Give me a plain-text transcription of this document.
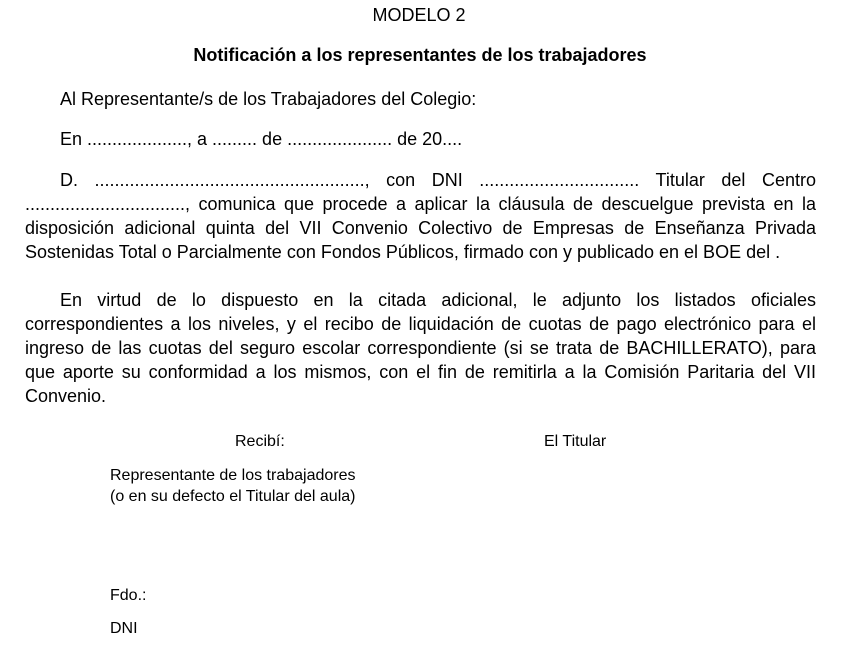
MODELO 2
Notificación a los representantes de los trabajadores
Al Representante/s de los Trabajadores del Colegio:
En ...................., a ......... de ..................... de 20....
D. ......................................................, con DNI ................................ Titular del Centro ................................, comunica que procede a aplicar la cláusula de descuelgue prevista en la disposición adicional quinta del VII Convenio Colectivo de Empresas de Enseñanza Privada Sostenidas Total o Parcialmente con Fondos Públicos, firmado con y publicado en el BOE del .
En virtud de lo dispuesto en la citada adicional, le adjunto los listados oficiales correspondientes a los niveles, y el recibo de liquidación de cuotas de pago electrónico para el ingreso de las cuotas del seguro escolar correspondiente (si se trata de BACHILLERATO), para que aporte su conformidad a los mismos, con el fin de remitirla a la Comisión Paritaria del VII Convenio.
Recibí:	El Titular
Representante de los trabajadores
(o en su defecto el Titular del aula)
Fdo.:
DNI
